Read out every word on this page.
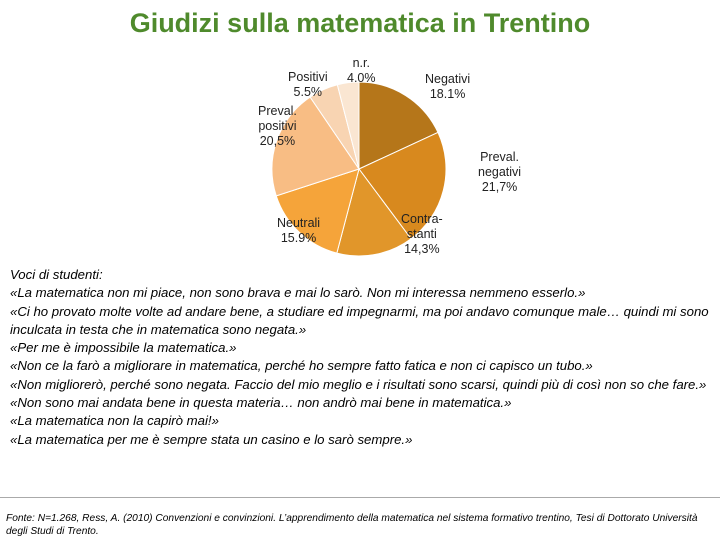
Giudizi sulla matematica in Trentino
Negativi
18.1%
Preval.
negativi
21,7%
Contra-
stanti
14,3%
Neutrali
15.9%
Preval.
positivi
20,5%
Positivi
5.5%
n.r.
4.0%
Voci di studenti:
«La matematica non mi piace, non sono brava e mai lo sarò. Non mi interessa nemmeno esserlo.»
«Ci ho provato molte volte ad andare bene, a studiare ed impegnarmi, ma poi andavo comunque male… quindi mi sono inculcata in testa che in matematica sono negata.»
«Per me è impossibile la matematica.»
«Non ce la farò a migliorare in matematica, perché ho sempre fatto fatica e non ci capisco un tubo.»
«Non migliorerò, perché sono negata. Faccio del mio meglio e i risultati sono scarsi, quindi più di così non so che fare.»
«Non sono mai andata bene in questa materia… non andrò mai bene in matematica.»
«La matematica non la capirò mai!»
«La matematica per me è sempre stata un casino e lo sarò sempre.»
Fonte: N=1.268, Ress, A. (2010) Convenzioni e convinzioni. L’apprendimento della matematica nel sistema formativo trentino, Tesi di Dottorato Università degli Studi di Trento.
